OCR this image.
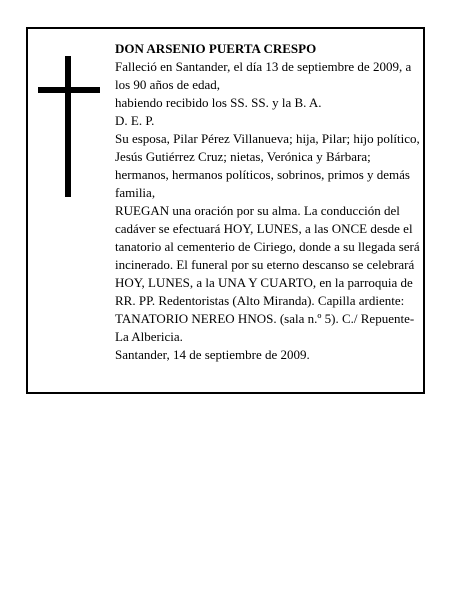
DON ARSENIO PUERTA CRESPO

Falleció en Santander, el día 13 de septiembre de 2009, a los 90 años de edad,

habiendo recibido los SS. SS. y la B. A.

D. E. P.

Su esposa, Pilar Pérez Villanueva; hija, Pilar; hijo político, Jesús Gutiérrez Cruz; nietas, Verónica y Bárbara; hermanos, hermanos políticos, sobrinos, primos y demás familia,

RUEGAN una oración por su alma. La conducción del cadáver se efectuará HOY, LUNES, a las ONCE desde el tanatorio al cementerio de Ciriego, donde a su llegada será incinerado. El funeral por su eterno descanso se celebrará HOY, LUNES, a la UNA Y CUARTO, en la parroquia de RR. PP. Redentoristas (Alto Miranda). Capilla ardiente: TANATORIO NEREO HNOS. (sala n.º 5). C./ Repuente-La Albericia.

Santander, 14 de septiembre de 2009.
